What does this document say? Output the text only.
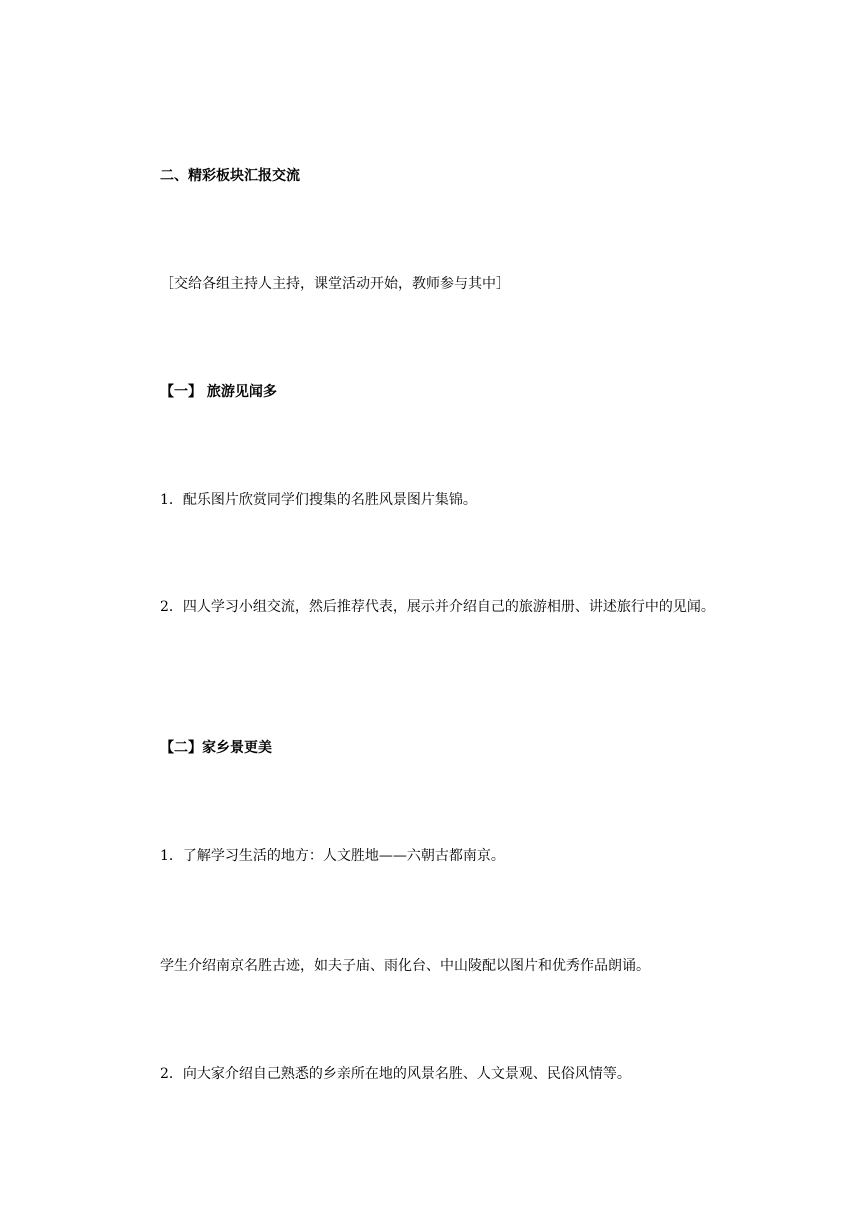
二、精彩板块汇报交流
［交给各组主持人主持，课堂活动开始，教师参与其中］
【一】 旅游见闻多
1．配乐图片欣赏同学们搜集的名胜风景图片集锦。
2．四人学习小组交流，然后推荐代表，展示并介绍自己的旅游相册、讲述旅行中的见闻。
【二】家乡景更美
1．了解学习生活的地方：人文胜地——六朝古都南京。
学生介绍南京名胜古迹，如夫子庙、雨化台、中山陵配以图片和优秀作品朗诵。
2．向大家介绍自己熟悉的乡亲所在地的风景名胜、人文景观、民俗风情等。
